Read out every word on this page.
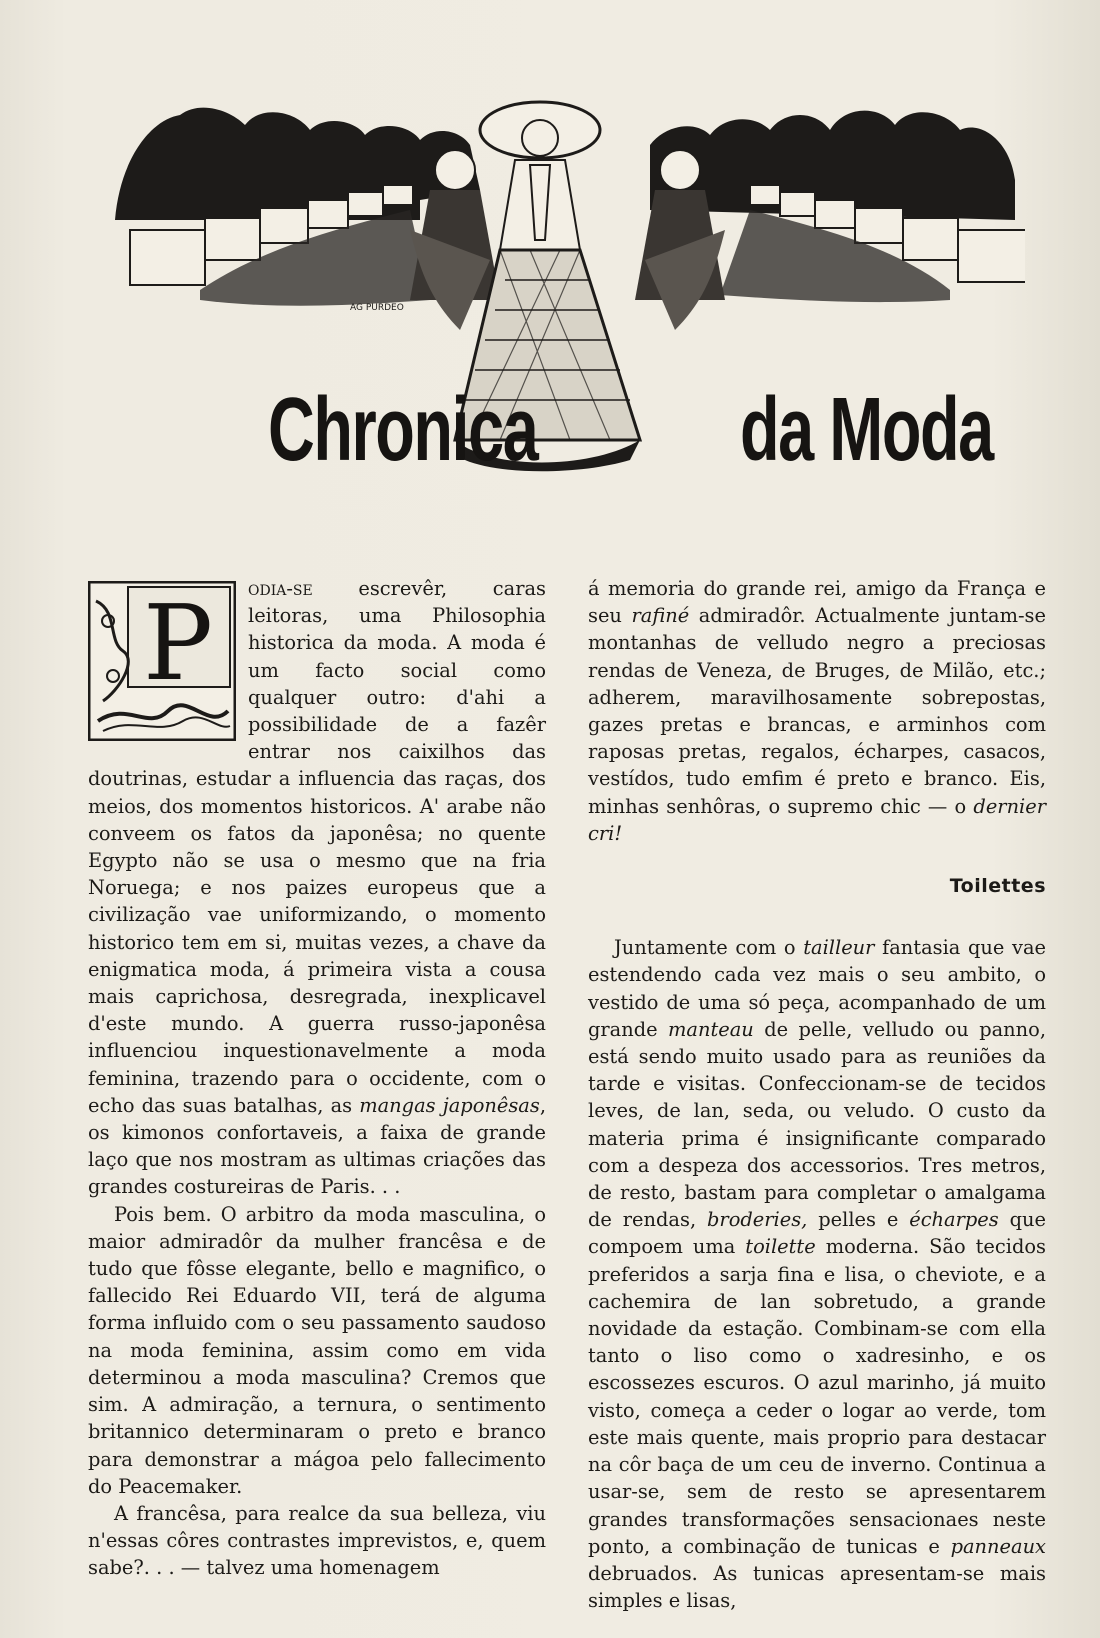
AG PURDEO
Chronica da Moda
P	odia-se escrevêr, caras leitoras, uma Philosophia historica da moda. A moda é um facto social como qualquer outro: d'ahi a possibilidade de a fazêr entrar nos caixilhos das doutrinas, estudar a influencia das raças, dos meios, dos momentos historicos. A' arabe não conveem os fatos da japonêsa; no quente Egypto não se usa o mesmo que na fria Noruega; e nos paizes europeus que a civilização vae uniformizando, o momento historico tem em si, muitas vezes, a chave da enigmatica moda, á primeira vista a cousa mais caprichosa, desregrada, inexplicavel d'este mundo. A guerra russo-japonêsa influenciou inquestionavelmente a moda feminina, trazendo para o occidente, com o echo das suas batalhas, as mangas japonêsas, os kimonos confortaveis, a faixa de grande laço que nos mostram as ultimas criações das grandes costureiras de Paris. . .

Pois bem. O arbitro da moda masculina, o maior admiradôr da mulher francêsa e de tudo que fôsse elegante, bello e magnifico, o fallecido Rei Eduardo VII, terá de alguma forma influido com o seu passamento saudoso na moda feminina, assim como em vida determinou a moda masculina? Cremos que sim. A admiração, a ternura, o sentimento britannico determinaram o preto e branco para demonstrar a mágoa pelo fallecimento do Peacemaker.

A francêsa, para realce da sua belleza, viu n'essas côres contrastes imprevistos, e, quem sabe?. . . — talvez uma homenagem

á memoria do grande rei, amigo da França e seu rafiné admiradôr. Actualmente juntam-se montanhas de velludo negro a preciosas rendas de Veneza, de Bruges, de Milão, etc.; adherem, maravilhosamente sobrepostas, gazes pretas e brancas, e arminhos com raposas pretas, regalos, écharpes, casacos, vestídos, tudo emfim é preto e branco. Eis, minhas senhôras, o supremo chic — o dernier cri!

Toilettes

Juntamente com o tailleur fantasia que vae estendendo cada vez mais o seu ambito, o vestido de uma só peça, acompanhado de um grande manteau de pelle, velludo ou panno, está sendo muito usado para as reuniões da tarde e visitas. Confeccionam-se de tecidos leves, de lan, seda, ou veludo. O custo da materia prima é insignificante comparado com a despeza dos accessorios. Tres metros, de resto, bastam para completar o amalgama de rendas, broderies, pelles e écharpes que compoem uma toilette moderna. São tecidos preferidos a sarja fina e lisa, o cheviote, e a cachemira de lan sobretudo, a grande novidade da estação. Combinam-se com ella tanto o liso como o xadresinho, e os escossezes escuros. O azul marinho, já muito visto, começa a ceder o logar ao verde, tom este mais quente, mais proprio para destacar na côr baça de um ceu de inverno. Continua a usar-se, sem de resto se apresentarem grandes transformações sensacionaes neste ponto, a combinação de tunicas e panneaux debruados. As tunicas apresentam-se mais simples e lisas,
